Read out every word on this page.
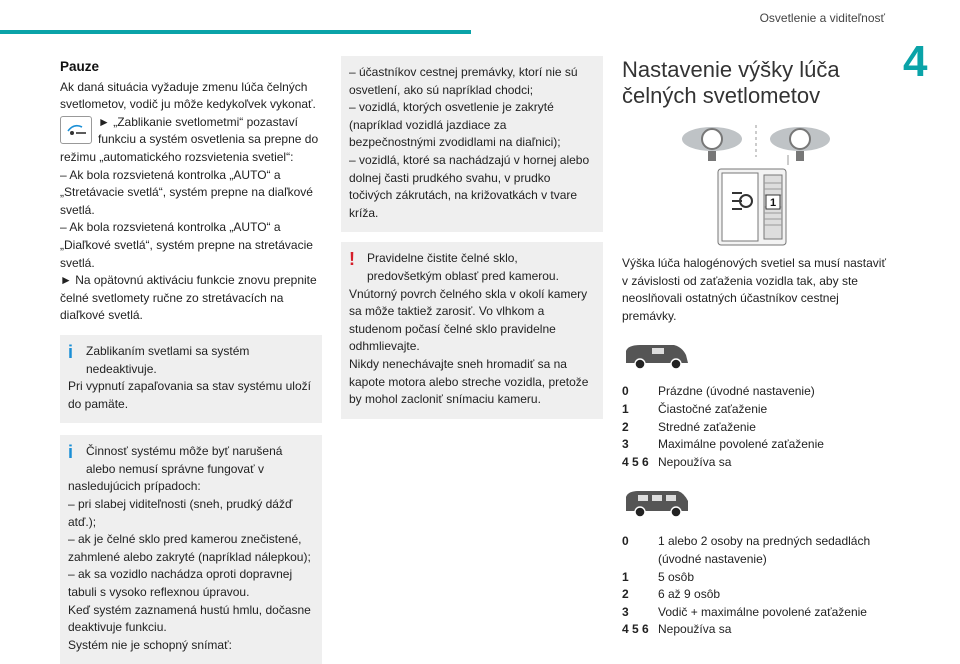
Osvetlenie a viditeľnosť
4
Pauze

Ak daná situácia vyžaduje zmenu lúča čelných svetlometov, vodič ju môže kedykoľvek vykonať.

► „Zablikanie svetlometmi“ pozastaví

funkciu a systém osvetlenia sa prepne do

režimu „automatického rozsvietenia svetiel“:
– Ak bola rozsvietená kontrolka „AUTO“ a „Stretávacie svetlá“, systém prepne na diaľkové svetlá.
– Ak bola rozsvietená kontrolka „AUTO“ a „Diaľkové svetlá“, systém prepne na stretávacie svetlá.
► Na opätovnú aktiváciu funkcie znovu prepnite čelné svetlomety ručne zo stretávacích na diaľkové svetlá.

i	Zablikaním svetlami sa systém nedeaktivuje.

Pri vypnutí zapaľovania sa stav systému uloží do pamäte.

i	Činnosť systému môže byť narušená alebo nemusí správne fungovať v

nasledujúcich prípadoch:
– pri slabej viditeľnosti (sneh, prudký dážď atď.);
– ak je čelné sklo pred kamerou znečistené, zahmlené alebo zakryté (napríklad nálepkou);
– ak sa vozidlo nachádza oproti dopravnej tabuli s vysoko reflexnou úpravou.
Keď systém zaznamená hustú hmlu, dočasne deaktivuje funkciu.
Systém nie je schopný snímať:

– účastníkov cestnej premávky, ktorí nie sú osvetlení, ako sú napríklad chodci;
– vozidlá, ktorých osvetlenie je zakryté (napríklad vozidlá jazdiace za bezpečnostnými zvodidlami na diaľnici);
– vozidlá, ktoré sa nachádzajú v hornej alebo dolnej časti prudkého svahu, v prudko točivých zákrutách, na križovatkách v tvare kríža.

!	Pravidelne čistite čelné sklo, predovšetkým oblasť pred kamerou.

Vnútorný povrch čelného skla v okolí kamery sa môže taktiež zarosiť. Vo vlhkom a studenom počasí čelné sklo pravidelne odhmlievajte.
Nikdy nenechávajte sneh hromadiť sa na kapote motora alebo streche vozidla, pretože by mohol zacloniť snímaciu kameru.

Nastavenie výšky lúča čelných svetlometov
1

Výška lúča halogénových svetiel sa musí nastaviť v závislosti od zaťaženia vozidla tak, aby ste neoslňovali ostatných účastníkov cestnej premávky.

0	Prázdne (úvodné nastavenie)
1	Čiastočné zaťaženie
2	Stredné zaťaženie
3	Maximálne povolené zaťaženie
4 5 6 Nepoužíva sa
0	1 alebo 2 osoby na predných sedadlách (úvodné nastavenie)
1	5 osôb
2	6 až 9 osôb
3	Vodič + maximálne povolené zaťaženie
4 5 6 Nepoužíva sa
